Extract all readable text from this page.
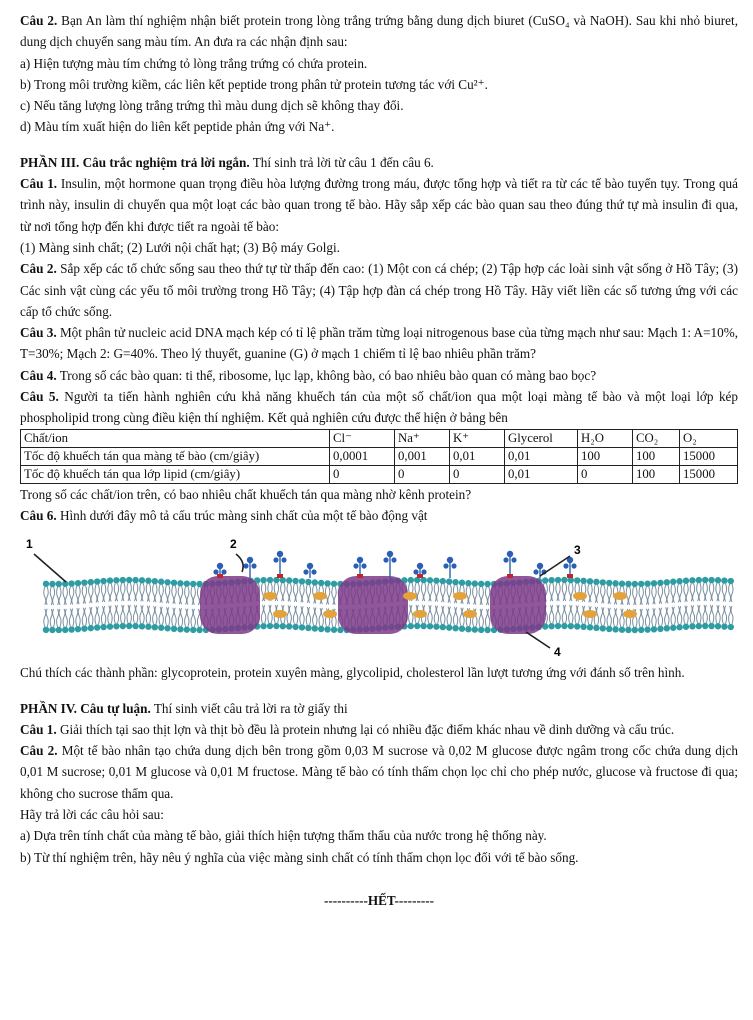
Câu 2. Bạn An làm thí nghiệm nhận biết protein trong lòng trắng trứng bằng dung dịch biuret (CuSO₄ và NaOH). Sau khi nhỏ biuret, dung dịch chuyển sang màu tím. An đưa ra các nhận định sau:

a) Hiện tượng màu tím chứng tỏ lòng trắng trứng có chứa protein.

b) Trong môi trường kiềm, các liên kết peptide trong phân tử protein tương tác với Cu²⁺.

c) Nếu tăng lượng lòng trắng trứng thì màu dung dịch sẽ không thay đổi.

d) Màu tím xuất hiện do liên kết peptide phản ứng với Na⁺.

PHẦN III. Câu trắc nghiệm trả lời ngắn. Thí sinh trả lời từ câu 1 đến câu 6.

Câu 1. Insulin, một hormone quan trọng điều hòa lượng đường trong máu, được tổng hợp và tiết ra từ các tế bào tuyến tụy. Trong quá trình này, insulin di chuyển qua một loạt các bào quan trong tế bào. Hãy sắp xếp các bào quan sau theo đúng thứ tự mà insulin đi qua, từ nơi tổng hợp đến khi được tiết ra ngoài tế bào:

(1) Màng sinh chất; (2) Lưới nội chất hạt; (3) Bộ máy Golgi.

Câu 2. Sắp xếp các tổ chức sống sau theo thứ tự từ thấp đến cao: (1) Một con cá chép; (2) Tập hợp các loài sinh vật sống ở Hồ Tây; (3) Các sinh vật cùng các yếu tố môi trường trong Hồ Tây; (4) Tập hợp đàn cá chép trong Hồ Tây. Hãy viết liền các số tương ứng với các cấp tổ chức sống.

Câu 3. Một phân tử nucleic acid DNA mạch kép có tỉ lệ phần trăm từng loại nitrogenous base của từng mạch như sau: Mạch 1: A=10%, T=30%; Mạch 2: G=40%. Theo lý thuyết, guanine (G) ở mạch 1 chiếm tỉ lệ bao nhiêu phần trăm?

Câu 4. Trong số các bào quan: ti thể, ribosome, lục lạp, không bào, có bao nhiêu bào quan có màng bao bọc?

Câu 5. Người ta tiến hành nghiên cứu khả năng khuếch tán của một số chất/ion qua một loại màng tế bào và một loại lớp kép phospholipid trong cùng điều kiện thí nghiệm. Kết quả nghiên cứu được thể hiện ở bảng bên

Chất/ion	Cl⁻	Na⁺	K⁺	Glycerol	H₂O	CO₂	O₂
Tốc độ khuếch tán qua màng tế bào (cm/giây)	0,0001	0,001	0,01	0,01	100	100	15000
Tốc độ khuếch tán qua lớp lipid (cm/giây)	0	0	0	0,01	0	100	15000

Trong số các chất/ion trên, có bao nhiêu chất khuếch tán qua màng nhờ kênh protein?

Câu 6. Hình dưới đây mô tả cấu trúc màng sinh chất của một tế bào động vật

1	2	3
4

Chú thích các thành phần: glycoprotein, protein xuyên màng, glycolipid, cholesterol lần lượt tương ứng với đánh số trên hình.

PHẦN IV. Câu tự luận. Thí sinh viết câu trả lời ra tờ giấy thi

Câu 1. Giải thích tại sao thịt lợn và thịt bò đều là protein nhưng lại có nhiều đặc điểm khác nhau về dinh dưỡng và cấu trúc.

Câu 2. Một tế bào nhân tạo chứa dung dịch bên trong gồm 0,03 M sucrose và 0,02 M glucose được ngâm trong cốc chứa dung dịch 0,01 M sucrose; 0,01 M glucose và 0,01 M fructose. Màng tế bào có tính thấm chọn lọc chỉ cho phép nước, glucose và fructose đi qua; không cho sucrose thấm qua.

Hãy trả lời các câu hỏi sau:

a) Dựa trên tính chất của màng tế bào, giải thích hiện tượng thẩm thấu của nước trong hệ thống này.

b) Từ thí nghiệm trên, hãy nêu ý nghĩa của việc màng sinh chất có tính thấm chọn lọc đối với tế bào sống.

----------HẾT---------
